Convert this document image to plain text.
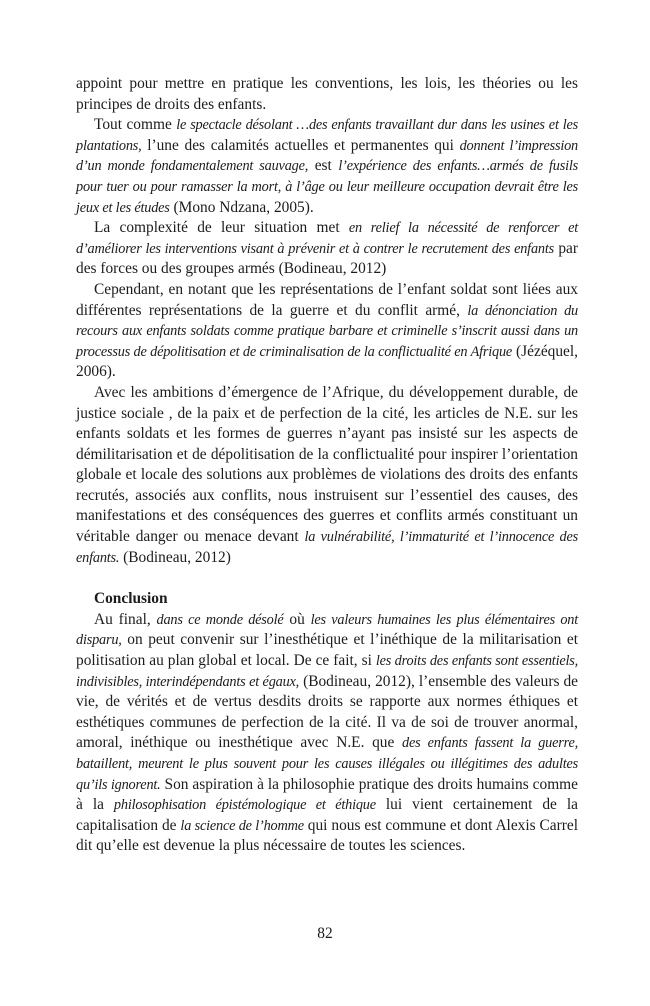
appoint pour mettre en pratique les conventions, les lois, les théories ou les principes de droits des enfants.

Tout comme le spectacle désolant …des enfants travaillant dur dans les usines et les plantations, l’une des calamités actuelles et permanentes qui donnent l’impression d’un monde fondamentalement sauvage, est l’expérience des enfants…armés de fusils pour tuer ou pour ramasser la mort, à l’âge ou leur meilleure occupation devrait être les jeux et les études (Mono Ndzana, 2005).

La complexité de leur situation met en relief la nécessité de renforcer et d’améliorer les interventions visant à prévenir et à contrer le recrutement des enfants par des forces ou des groupes armés (Bodineau, 2012)

Cependant, en notant que les représentations de l’enfant soldat sont liées aux différentes représentations de la guerre et du conflit armé, la dénonciation du recours aux enfants soldats comme pratique barbare et criminelle s’inscrit aussi dans un processus de dépolitisation et de criminalisation de la conflictualité en Afrique (Jézéquel, 2006).

Avec les ambitions d’émergence de l’Afrique, du développement durable, de justice sociale , de la paix et de perfection de la cité, les articles de N.E. sur les enfants soldats et les formes de guerres n’ayant pas insisté sur les aspects de démilitarisation et de dépolitisation de la conflictualité pour inspirer l’orientation globale et locale des solutions aux problèmes de violations des droits des enfants recrutés, associés aux conflits, nous instruisent sur l’essentiel des causes, des manifestations et des conséquences des guerres et conflits armés constituant un véritable danger ou menace devant la vulnérabilité, l’immaturité et l’innocence des enfants. (Bodineau, 2012)

Conclusion

Au final, dans ce monde désolé où les valeurs humaines les plus élémentaires ont disparu, on peut convenir sur l’inesthétique et l’inéthique de la militarisation et politisation au plan global et local. De ce fait, si les droits des enfants sont essentiels, indivisibles, interindépendants et égaux, (Bodineau, 2012), l’ensemble des valeurs de vie, de vérités et de vertus desdits droits se rapporte aux normes éthiques et esthétiques communes de perfection de la cité. Il va de soi de trouver anormal, amoral, inéthique ou inesthétique avec N.E. que des enfants fassent la guerre, bataillent, meurent le plus souvent pour les causes illégales ou illégitimes des adultes qu’ils ignorent. Son aspiration à la philosophie pratique des droits humains comme à la philosophisation épistémologique et éthique lui vient certainement de la capitalisation de la science de l’homme qui nous est commune et dont Alexis Carrel dit qu’elle est devenue la plus nécessaire de toutes les sciences.

82
